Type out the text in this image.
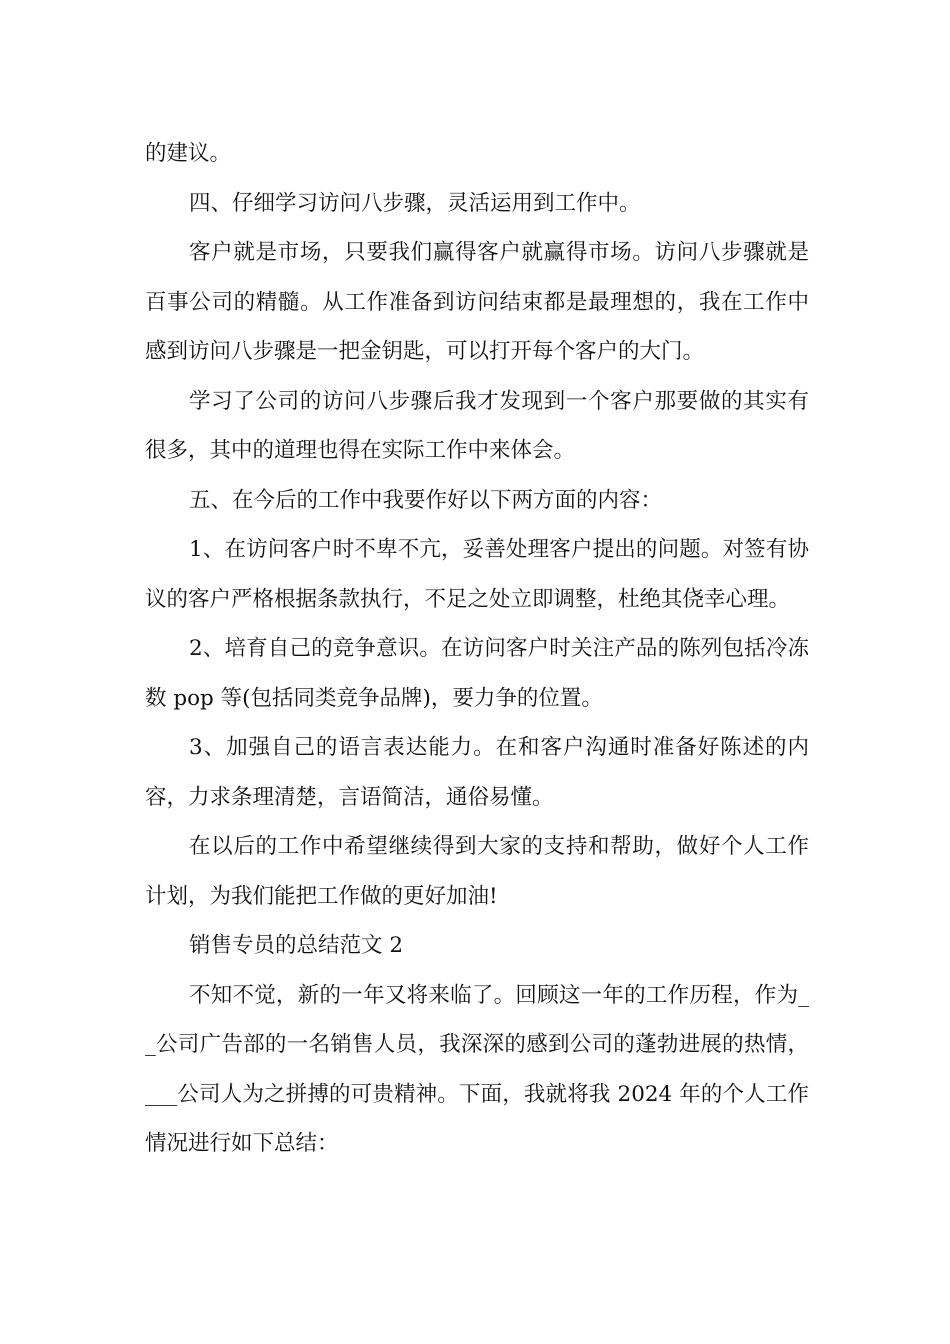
的建议。

四、仔细学习访问八步骤，灵活运用到工作中。

客户就是市场，只要我们赢得客户就赢得市场。访问八步骤就是百事公司的精髓。从工作准备到访问结束都是最理想的，我在工作中感到访问八步骤是一把金钥匙，可以打开每个客户的大门。

学习了公司的访问八步骤后我才发现到一个客户那要做的其实有很多，其中的道理也得在实际工作中来体会。

五、在今后的工作中我要作好以下两方面的内容：

1、在访问客户时不卑不亢，妥善处理客户提出的问题。对签有协议的客户严格根据条款执行，不足之处立即调整，杜绝其侥幸心理。

2、培育自己的竞争意识。在访问客户时关注产品的陈列包括冷冻数 pop 等(包括同类竞争品牌)，要力争的位置。

3、加强自己的语言表达能力。在和客户沟通时准备好陈述的内容，力求条理清楚，言语简洁，通俗易懂。

在以后的工作中希望继续得到大家的支持和帮助，做好个人工作计划，为我们能把工作做的更好加油!

销售专员的总结范文 2

不知不觉，新的一年又将来临了。回顾这一年的工作历程，作为__公司广告部的一名销售人员，我深深的感到公司的蓬勃进展的热情，___公司人为之拼搏的可贵精神。下面，我就将我 2024 年的个人工作情况进行如下总结：
